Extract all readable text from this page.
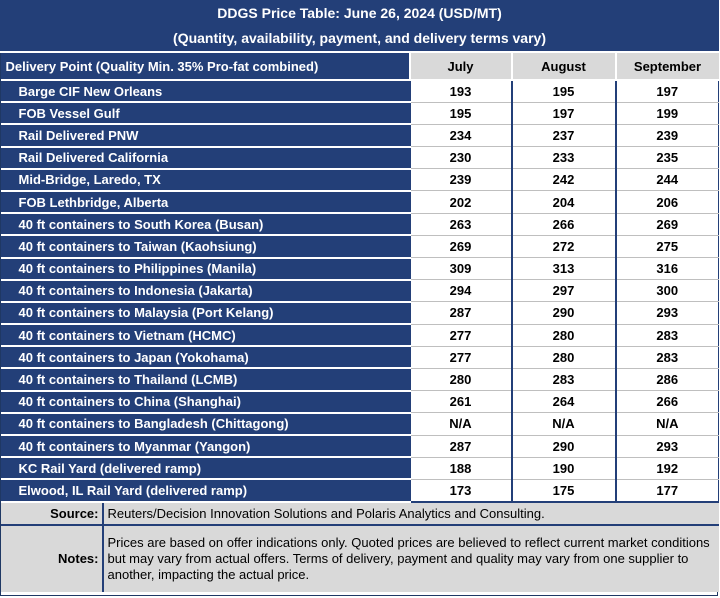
DDGS Price Table: June 26, 2024 (USD/MT)				
(Quantity, availability, payment, and delivery terms vary)				
Delivery Point (Quality Min. 35% Pro-fat combined)		July	August	September
Barge CIF New Orleans		193	195	197
FOB Vessel Gulf		195	197	199
Rail Delivered PNW		234	237	239
Rail Delivered California		230	233	235
Mid-Bridge, Laredo, TX		239	242	244
FOB Lethbridge, Alberta		202	204	206
40 ft containers to South Korea (Busan)		263	266	269
40 ft containers to Taiwan (Kaohsiung)		269	272	275
40 ft containers to Philippines (Manila)		309	313	316
40 ft containers to Indonesia (Jakarta)		294	297	300
40 ft containers to Malaysia (Port Kelang)		287	290	293
40 ft containers to Vietnam (HCMC)		277	280	283
40 ft containers to Japan (Yokohama)		277	280	283
40 ft containers to Thailand (LCMB)		280	283	286
40 ft containers to China (Shanghai)		261	264	266
40 ft containers to Bangladesh (Chittagong)		N/A	N/A	N/A
40 ft containers to Myanmar (Yangon)		287	290	293
KC Rail Yard (delivered ramp)		188	190	192
Elwood, IL Rail Yard (delivered ramp)		173	175	177
Source:	Reuters/Decision Innovation Solutions and Polaris Analytics and Consulting.			
Notes:	Prices are based on offer indications only. Quoted prices are believed to reflect current market conditions but may vary from actual offers. Terms of delivery, payment and quality may vary from one supplier to another, impacting the actual price.			
